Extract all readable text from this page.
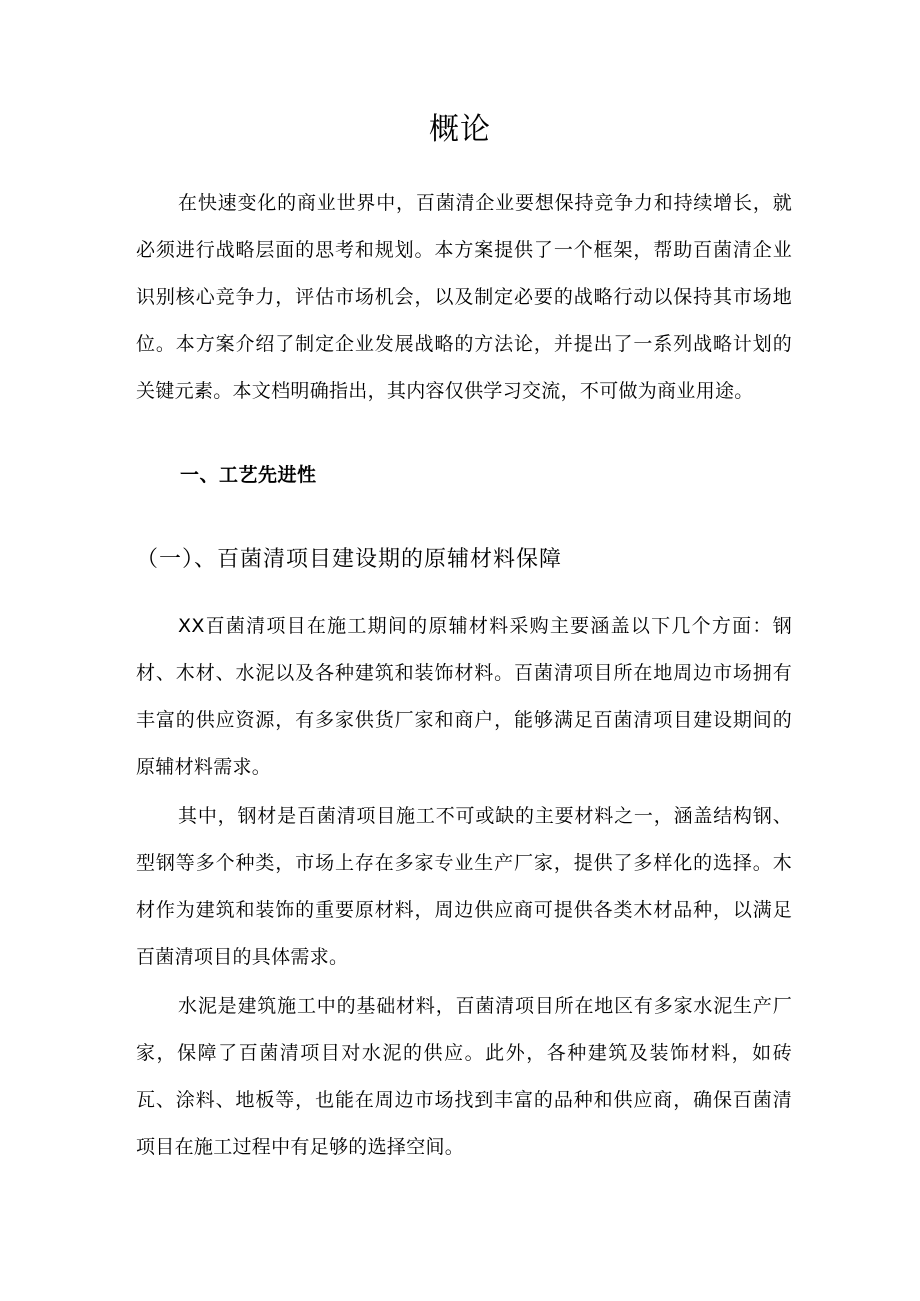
概论

在快速变化的商业世界中，百菌清企业要想保持竞争力和持续增长，就必须进行战略层面的思考和规划。本方案提供了一个框架，帮助百菌清企业识别核心竞争力，评估市场机会，以及制定必要的战略行动以保持其市场地位。本方案介绍了制定企业发展战略的方法论，并提出了一系列战略计划的关键元素。本文档明确指出，其内容仅供学习交流，不可做为商业用途。

一、工艺先进性
（一）、百菌清项目建设期的原辅材料保障

XX百菌清项目在施工期间的原辅材料采购主要涵盖以下几个方面：钢材、木材、水泥以及各种建筑和装饰材料。百菌清项目所在地周边市场拥有丰富的供应资源，有多家供货厂家和商户，能够满足百菌清项目建设期间的原辅材料需求。

其中，钢材是百菌清项目施工不可或缺的主要材料之一，涵盖结构钢、型钢等多个种类，市场上存在多家专业生产厂家，提供了多样化的选择。木材作为建筑和装饰的重要原材料，周边供应商可提供各类木材品种，以满足百菌清项目的具体需求。

水泥是建筑施工中的基础材料，百菌清项目所在地区有多家水泥生产厂家，保障了百菌清项目对水泥的供应。此外，各种建筑及装饰材料，如砖瓦、涂料、地板等，也能在周边市场找到丰富的品种和供应商，确保百菌清项目在施工过程中有足够的选择空间。
